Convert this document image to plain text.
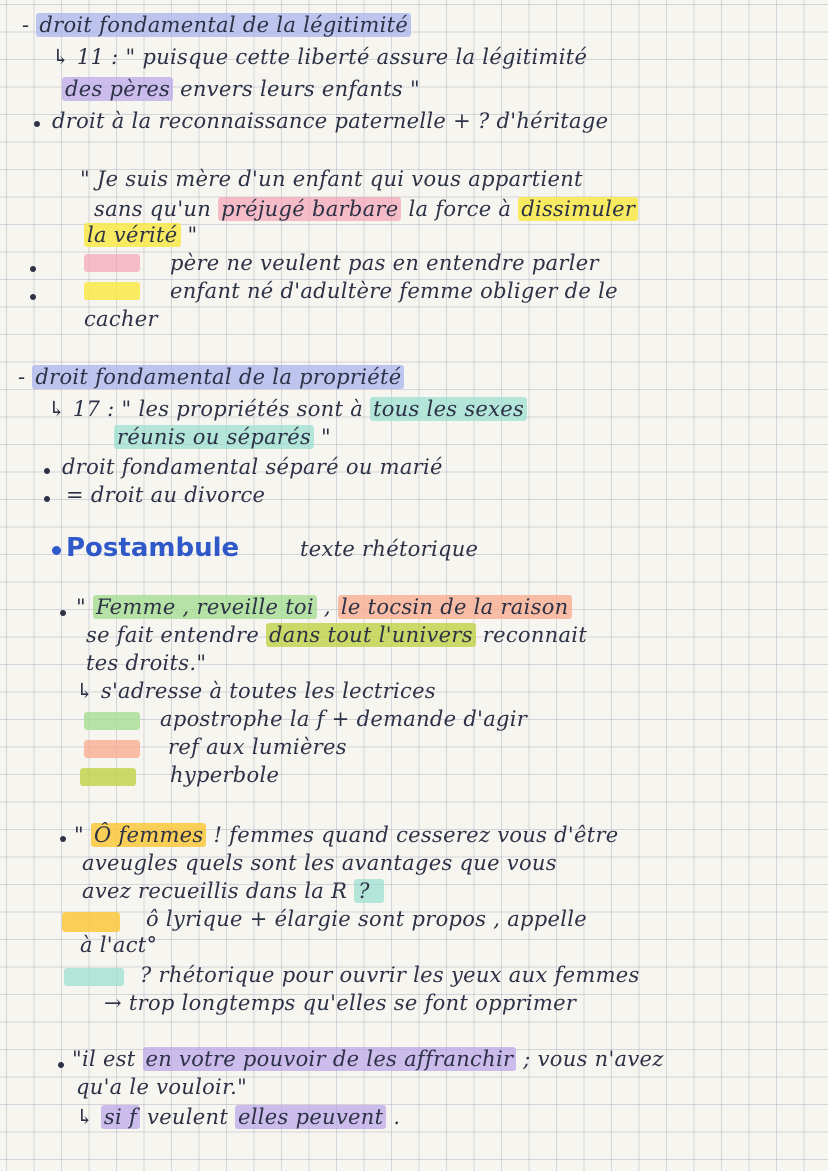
- droit fondamental de la légitimité
↳ 11 : " puisque cette liberté assure la légitimité
des pères envers leurs enfants "
droit à la reconnaissance paternelle + ? d'héritage
" Je suis mère d'un enfant qui vous appartient
sans qu'un préjugé barbare la force à dissimuler
la vérité "
père ne veulent pas en entendre parler
enfant né d'adultère femme obliger de le
cacher
- droit fondamental de la propriété
↳ 17 : " les propriétés sont à tous les sexes
réunis ou séparés "
droit fondamental séparé ou marié
= droit au divorce
Postambule	texte rhétorique
" Femme , reveille toi , le tocsin de la raison
se fait entendre dans tout l'univers reconnait
tes droits."
↳ s'adresse à toutes les lectrices
apostrophe la f + demande d'agir
ref aux lumières
hyperbole
" Ô femmes ! femmes quand cesserez vous d'être
aveugles quels sont les avantages que vous
avez recueillis dans la R ?
ô lyrique + élargie sont propos , appelle
à l'act°
? rhétorique pour ouvrir les yeux aux femmes
→ trop longtemps qu'elles se font opprimer
"il est en votre pouvoir de les affranchir ; vous n'avez
qu'a le vouloir."
↳ si f veulent elles peuvent .
